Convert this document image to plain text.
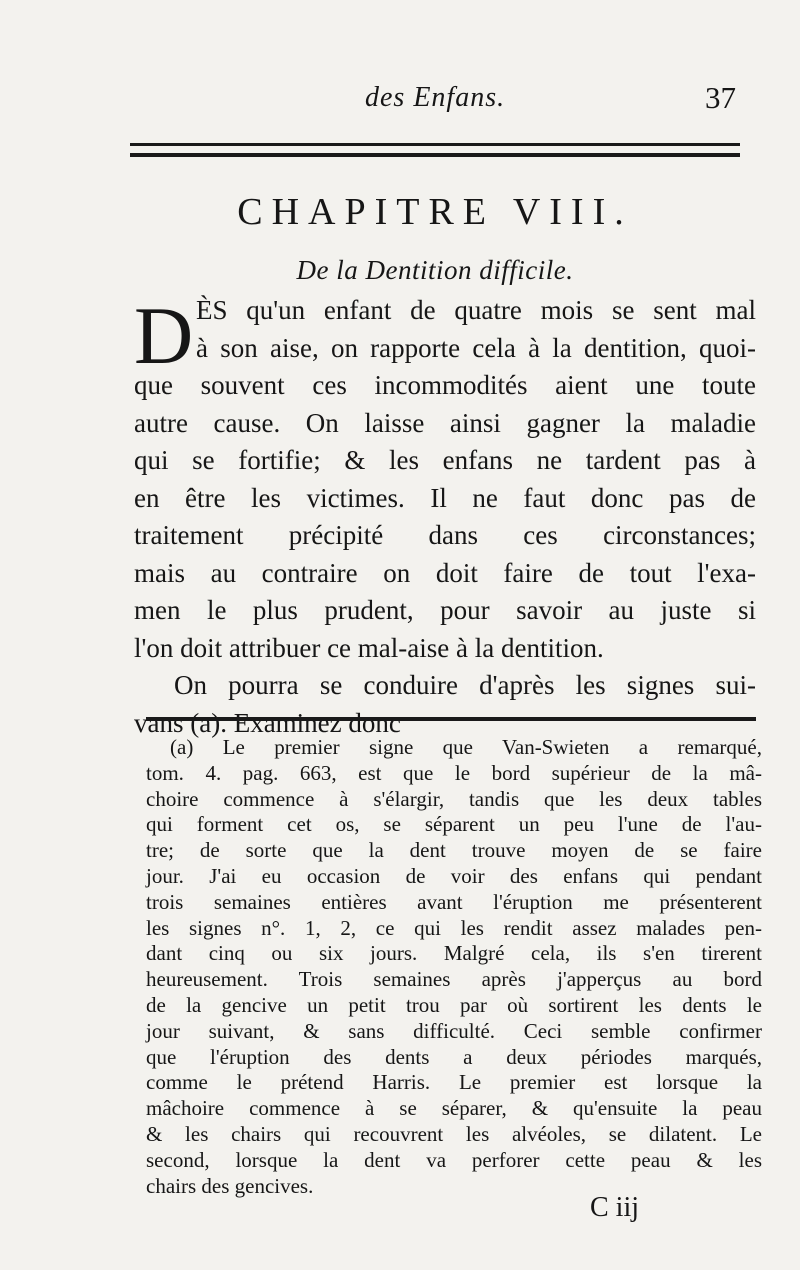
des Enfans.	37
CHAPITRE VIII.
De la Dentition difficile.
D ÈS qu'un enfant de quatre mois se sent mal
à son aise, on rapporte cela à la dentition, quoi-
que souvent ces incommodités aient une toute
autre cause. On laisse ainsi gagner la maladie
qui se fortifie; & les enfans ne tardent pas à
en être les victimes. Il ne faut donc pas de
traitement précipité dans ces circonstances;
mais au contraire on doit faire de tout l'exa-
men le plus prudent, pour savoir au juste si
l'on doit attribuer ce mal-aise à la dentition.
On pourra se conduire d'après les signes sui-
vans (a). Examinez donc
(a) Le premier signe que Van-Swieten a remarqué,
tom. 4. pag. 663, est que le bord supérieur de la mâ-
choire commence à s'élargir, tandis que les deux tables
qui forment cet os, se séparent un peu l'une de l'au-
tre; de sorte que la dent trouve moyen de se faire
jour. J'ai eu occasion de voir des enfans qui pendant
trois semaines entières avant l'éruption me présenterent
les signes n°. 1, 2, ce qui les rendit assez malades pen-
dant cinq ou six jours. Malgré cela, ils s'en tirerent
heureusement. Trois semaines après j'apperçus au bord
de la gencive un petit trou par où sortirent les dents le
jour suivant, & sans difficulté. Ceci semble confirmer
que l'éruption des dents a deux périodes marqués,
comme le prétend Harris. Le premier est lorsque la
mâchoire commence à se séparer, & qu'ensuite la peau
& les chairs qui recouvrent les alvéoles, se dilatent. Le
second, lorsque la dent va perforer cette peau & les
chairs des gencives.
C iij
